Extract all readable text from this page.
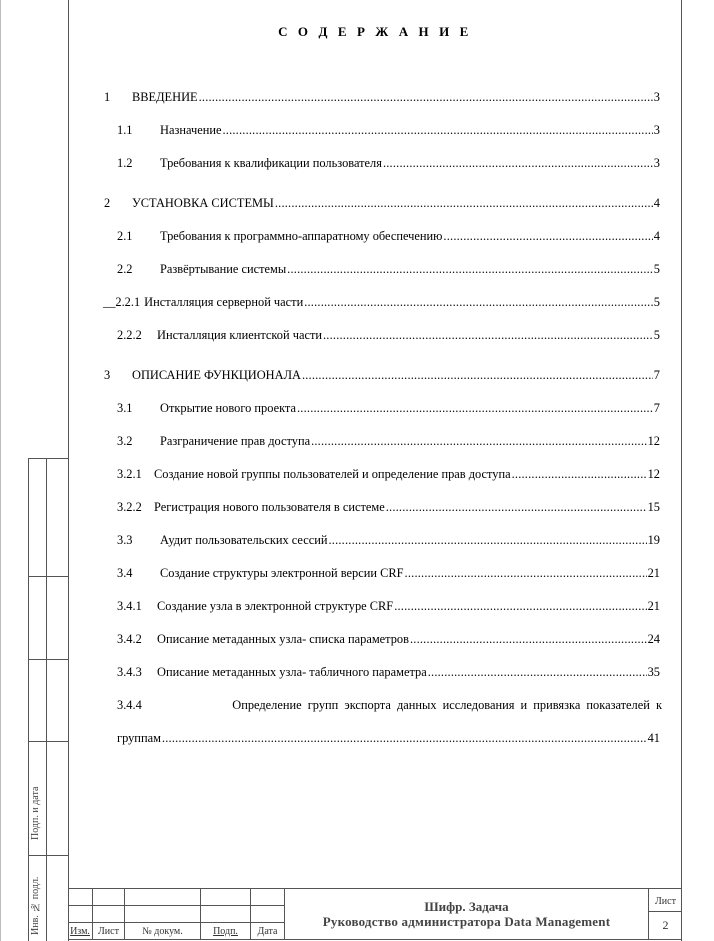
С О Д Е Р Ж А Н И Е
1	ВВЕДЕНИЕ .....	3
1.1	Назначение .....	3
1.2	Требования к квалификации пользователя .....	3
2	УСТАНОВКА СИСТЕМЫ .....	4
2.1	Требования к программно-аппаратному обеспечению .....	4
2.2	Развёртывание системы .....	5
__2.2.1 Инсталляция серверной части .....	5
2.2.2	Инсталляция клиентской части .....	5
3	ОПИСАНИЕ ФУНКЦИОНАЛА .....	7
3.1	Открытие нового проекта .....	7
3.2	Разграничение прав доступа .....	12
3.2.1 Создание новой группы пользователей и определение прав доступа .....	12
3.2.2 Регистрация нового пользователя в системе .....	15
3.3	Аудит пользовательских сессий .....	19
3.4	Создание структуры электронной версии CRF .....	21
3.4.1	Создание узла в электронной структуре CRF .....	21
3.4.2	Описание метаданных узла- списка параметров .....	24
3.4.3	Описание метаданных узла- табличного параметра .....	35
3.4.4	Определение групп экспорта данных исследования и привязка показателей к
группам .....	41
Подп. и дата
Инв. № подл.	Изм. Лист	№ докум.	Подп.	Дата
Шифр. Задача
Руководство администратора Data Management
Лист
2
